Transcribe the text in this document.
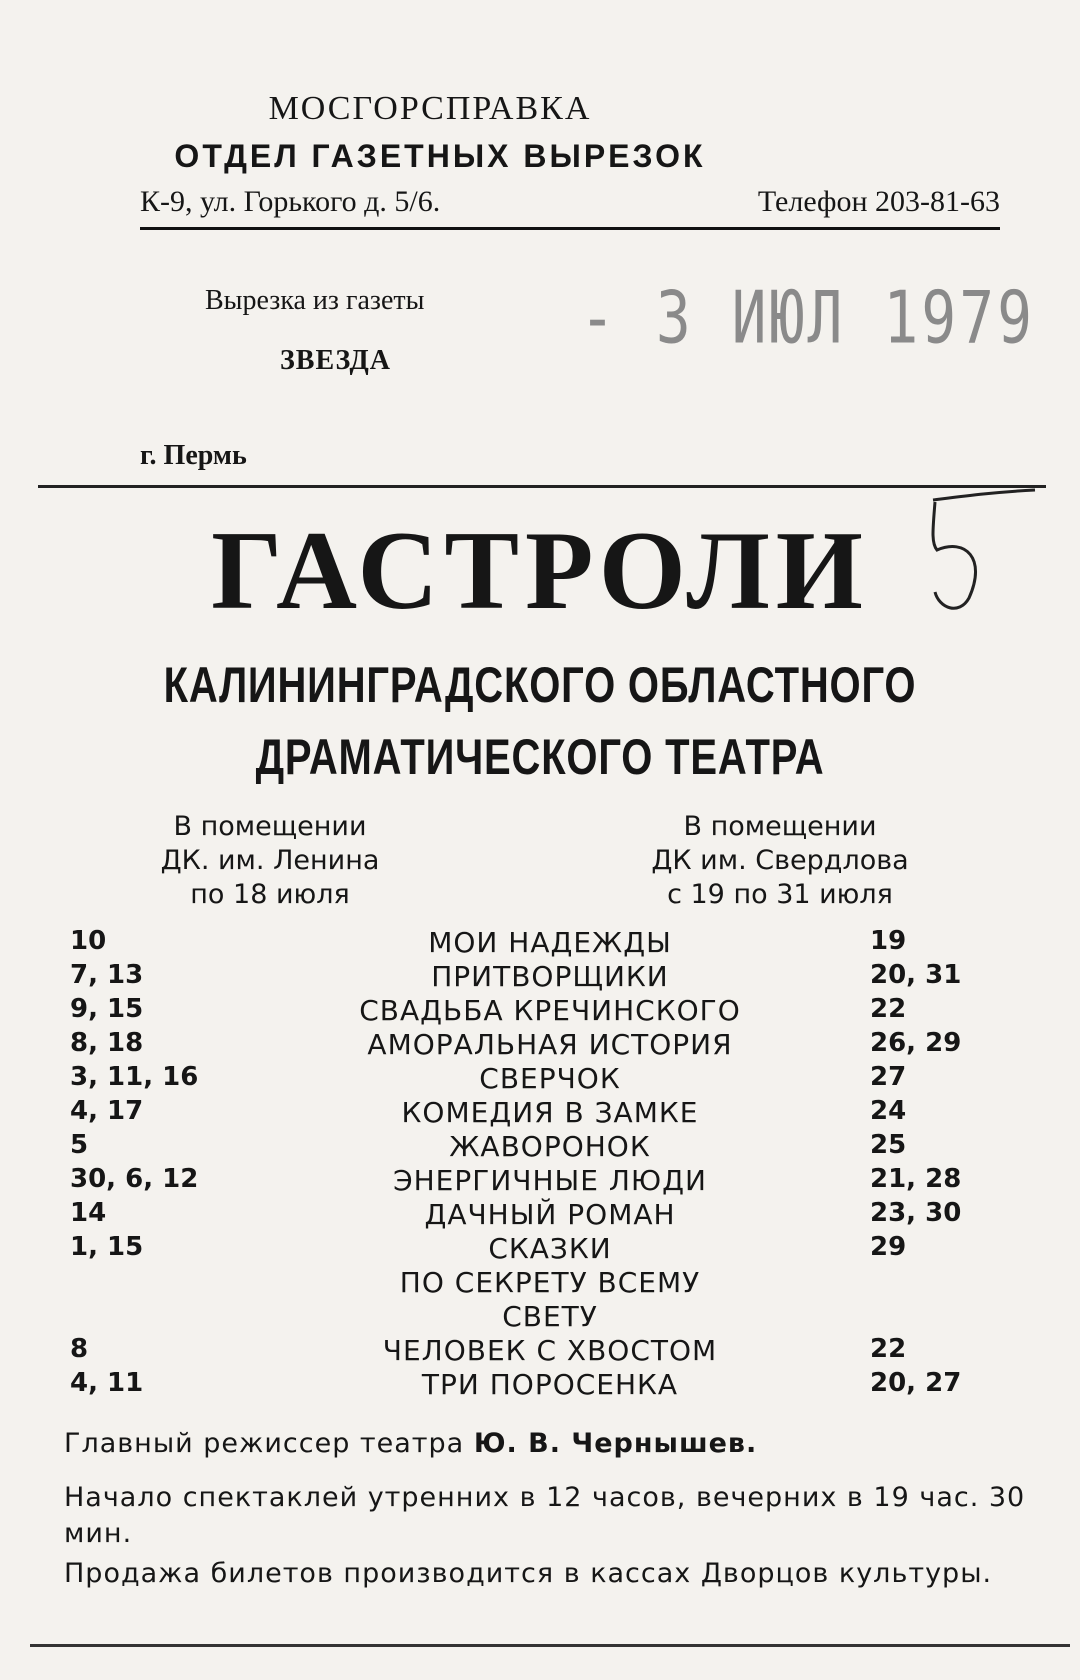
МОСГОРСПРАВКА
ОТДЕЛ ГАЗЕТНЫХ ВЫРЕЗОК
К-9, ул. Горького д. 5/6.	Телефон 203-81-63
Вырезка из газеты	- 3 ИЮЛ 1979
ЗВЕЗДА
г. Пермь
ГАСТРОЛИ
КАЛИНИНГРАДСКОГО ОБЛАСТНОГО
ДРАМАТИЧЕСКОГО ТЕАТРА
В помещении
ДК. им. Ленина
по 18 июля
В помещении
ДК им. Свердлова
с 19 по 31 июля
10	МОИ НАДЕЖДЫ	19
7, 13	ПРИТВОРЩИКИ	20, 31
9, 15	СВАДЬБА КРЕЧИНСКОГО	22
8, 18	АМОРАЛЬНАЯ ИСТОРИЯ	26, 29
3, 11, 16	СВЕРЧОК	27
4, 17	КОМЕДИЯ В ЗАМКЕ	24
5	ЖАВОРОНОК	25
30, 6, 12	ЭНЕРГИЧНЫЕ ЛЮДИ	21, 28
14	ДАЧНЫЙ РОМАН	23, 30
1, 15	СКАЗКИ	29
ПО СЕКРЕТУ ВСЕМУ
СВЕТУ
8	ЧЕЛОВЕК С ХВОСТОМ	22
4, 11	ТРИ ПОРОСЕНКА	20, 27
Главный режиссер театра Ю. В. Чернышев.
Начало спектаклей утренних в 12 часов, вечерних в 19 час. 30 мин.
Продажа билетов производится в кассах Дворцов культуры.
